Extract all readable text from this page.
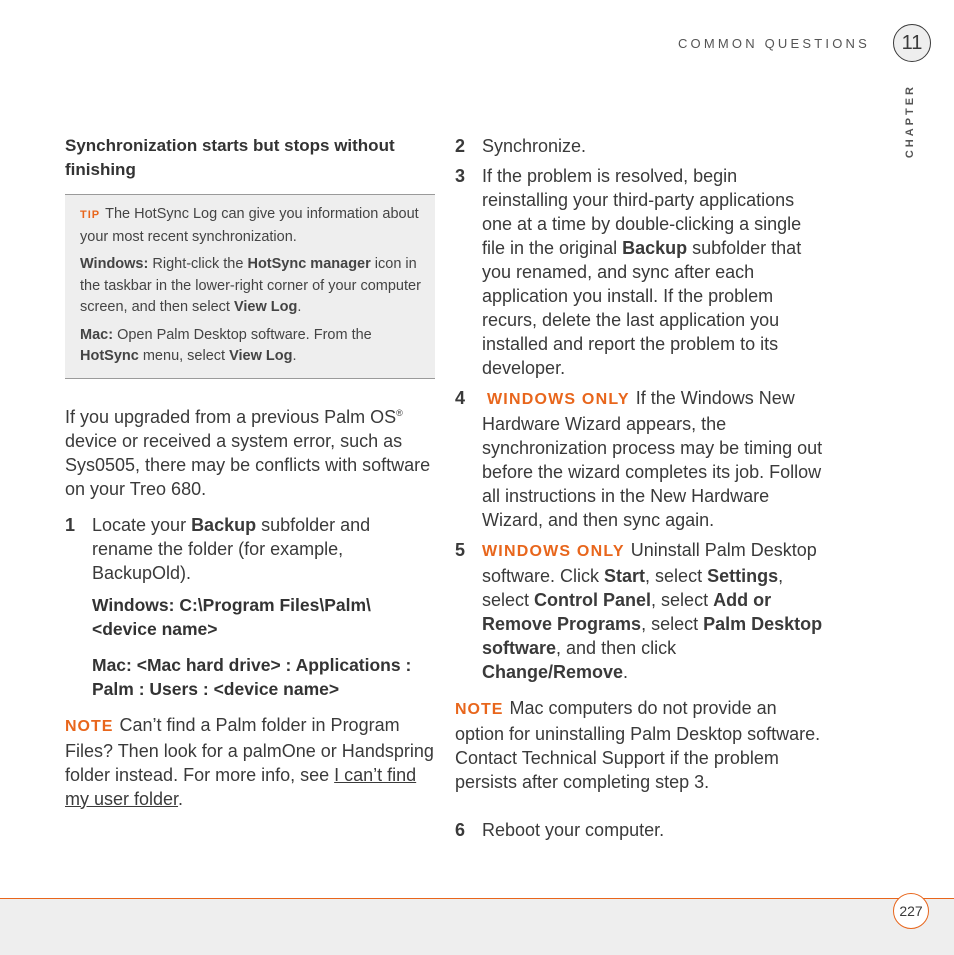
COMMON QUESTIONS	11
CHAPTER
Synchronization starts but stops without finishing

TIP The HotSync Log can give you information about your most recent synchronization.

Windows: Right-click the HotSync manager icon in the taskbar in the lower-right corner of your computer screen, and then select View Log.

Mac: Open Palm Desktop software. From the HotSync menu, select View Log.

If you upgraded from a previous Palm OS® device or received a system error, such as Sys0505, there may be conflicts with software on your Treo 680.

1 Locate your Backup subfolder and rename the folder (for example, BackupOld).
Windows: C:\Program Files\Palm\<device name>
Mac: <Mac hard drive> : Applications : Palm : Users : <device name>

NOTE Can’t find a Palm folder in Program Files? Then look for a palmOne or Handspring folder instead. For more info, see I can’t find my user folder.

2 Synchronize.
3 If the problem is resolved, begin reinstalling your third-party applications one at a time by double-clicking a single file in the original Backup subfolder that you renamed, and sync after each application you install. If the problem recurs, delete the last application you installed and report the problem to its developer.
4	WINDOWS ONLY If the Windows New Hardware Wizard appears, the synchronization process may be timing out before the wizard completes its job. Follow all instructions in the New Hardware Wizard, and then sync again.
5	WINDOWS ONLY Uninstall Palm Desktop software. Click Start, select Settings, select Control Panel, select Add or Remove Programs, select Palm Desktop software, and then click Change/Remove.

NOTE Mac computers do not provide an option for uninstalling Palm Desktop software. Contact Technical Support if the problem persists after completing step 3.

6 Reboot your computer.
227
